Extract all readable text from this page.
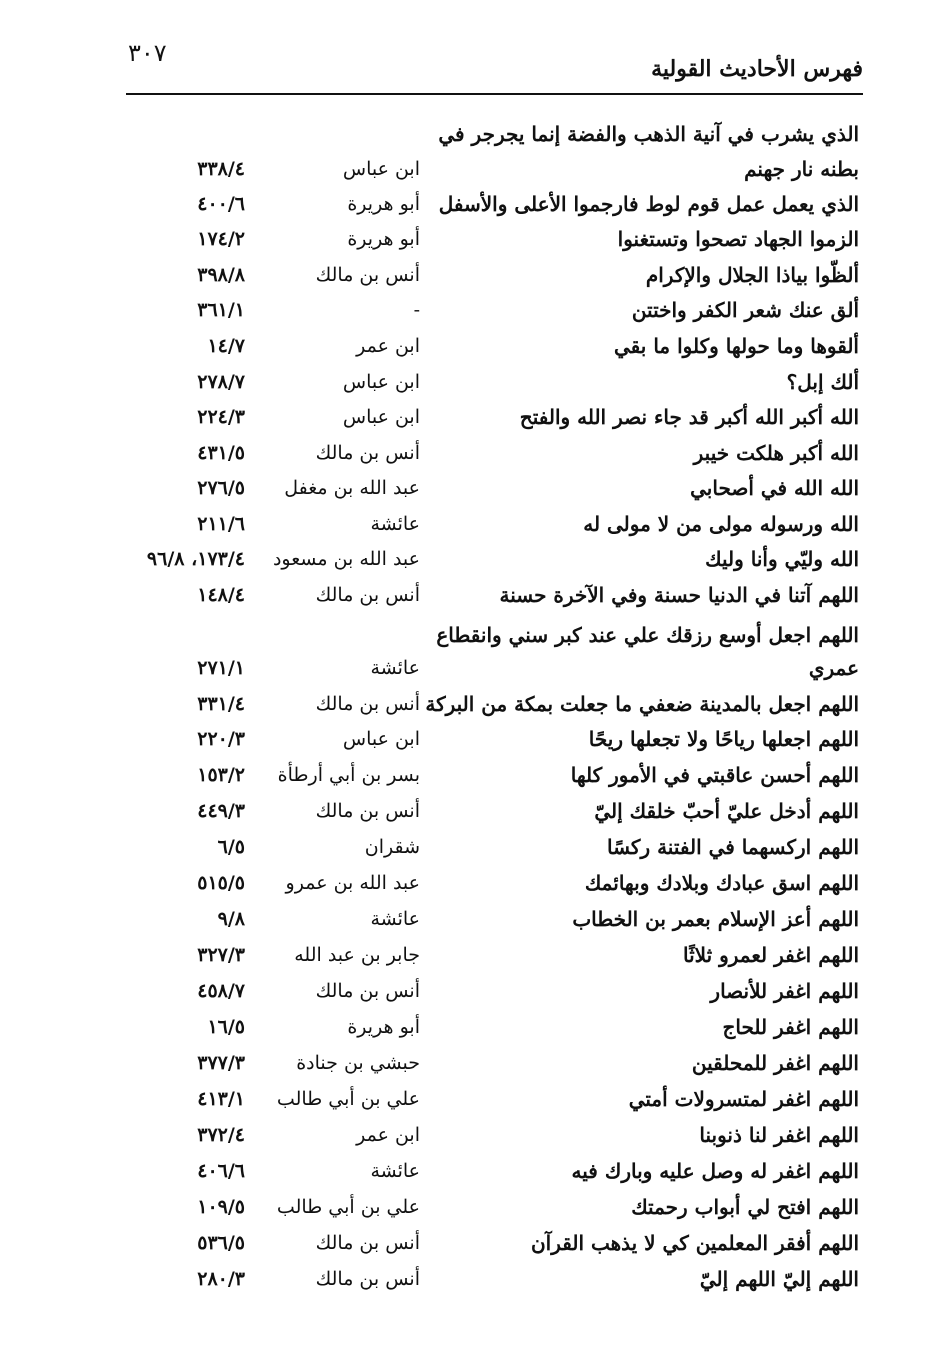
٣٠٧
فهرس الأحاديث القولية
الذي يشرب في آنية الذهب والفضة إنما يجرجر في
بطنه نار جهنم
ابن عباس
٣٣٨/٤
الذي يعمل عمل قوم لوط فارجموا الأعلى والأسفل
أبو هريرة
٤٠٠/٦
الزموا الجهاد تصحوا وتستغنوا
أبو هريرة
١٧٤/٢
ألظّوا بياذا الجلال والإكرام
أنس بن مالك
٣٩٨/٨
ألق عنك شعر الكفر واختتن
-
٣٦١/١
ألقوها وما حولها وكلوا ما بقي
ابن عمر
١٤/٧
ألك إبل؟
ابن عباس
٢٧٨/٧
الله أكبر الله أكبر قد جاء نصر الله والفتح
ابن عباس
٢٢٤/٣
الله أكبر هلكت خيبر
أنس بن مالك
٤٣١/٥
الله الله في أصحابي
عبد الله بن مغفل
٢٧٦/٥
الله ورسوله مولى من لا مولى له
عائشة
٢١١/٦
الله وليّي وأنا وليك
عبد الله بن مسعود
١٧٣/٤، ٩٦/٨
اللهم آتنا في الدنيا حسنة وفي الآخرة حسنة
أنس بن مالك
١٤٨/٤
اللهم اجعل أوسع رزقك علي عند كبر سني وانقطاع
عمري
عائشة
٢٧١/١
اللهم اجعل بالمدينة ضعفي ما جعلت بمكة من البركة
أنس بن مالك
٣٣١/٤
اللهم اجعلها رياحًا ولا تجعلها ريحًا
ابن عباس
٢٢٠/٣
اللهم أحسن عاقبتي في الأمور كلها
بسر بن أبي أرطأة
١٥٣/٢
اللهم أدخل عليّ أحبّ خلقك إليّ
أنس بن مالك
٤٤٩/٣
اللهم اركسهما في الفتنة ركسًا
شقران
٦/٥
اللهم اسق عبادك وبلادك وبهائمك
عبد الله بن عمرو
٥١٥/٥
اللهم أعز الإسلام بعمر بن الخطاب
عائشة
٩/٨
اللهم اغفر لعمرو ثلاثًا
جابر بن عبد الله
٣٢٧/٣
اللهم اغفر للأنصار
أنس بن مالك
٤٥٨/٧
اللهم اغفر للحاج
أبو هريرة
١٦/٥
اللهم اغفر للمحلقين
حبشي بن جنادة
٣٧٧/٣
اللهم اغفر لمتسرولات أمتي
علي بن أبي طالب
٤١٣/١
اللهم اغفر لنا ذنوبنا
ابن عمر
٣٧٢/٤
اللهم اغفر له وصل عليه وبارك فيه
عائشة
٤٠٦/٦
اللهم افتح لي أبواب رحمتك
علي بن أبي طالب
١٠٩/٥
اللهم أفقر المعلمين كي لا يذهب القرآن
أنس بن مالك
٥٣٦/٥
اللهم إليّ اللهم إليّ
أنس بن مالك
٢٨٠/٣
